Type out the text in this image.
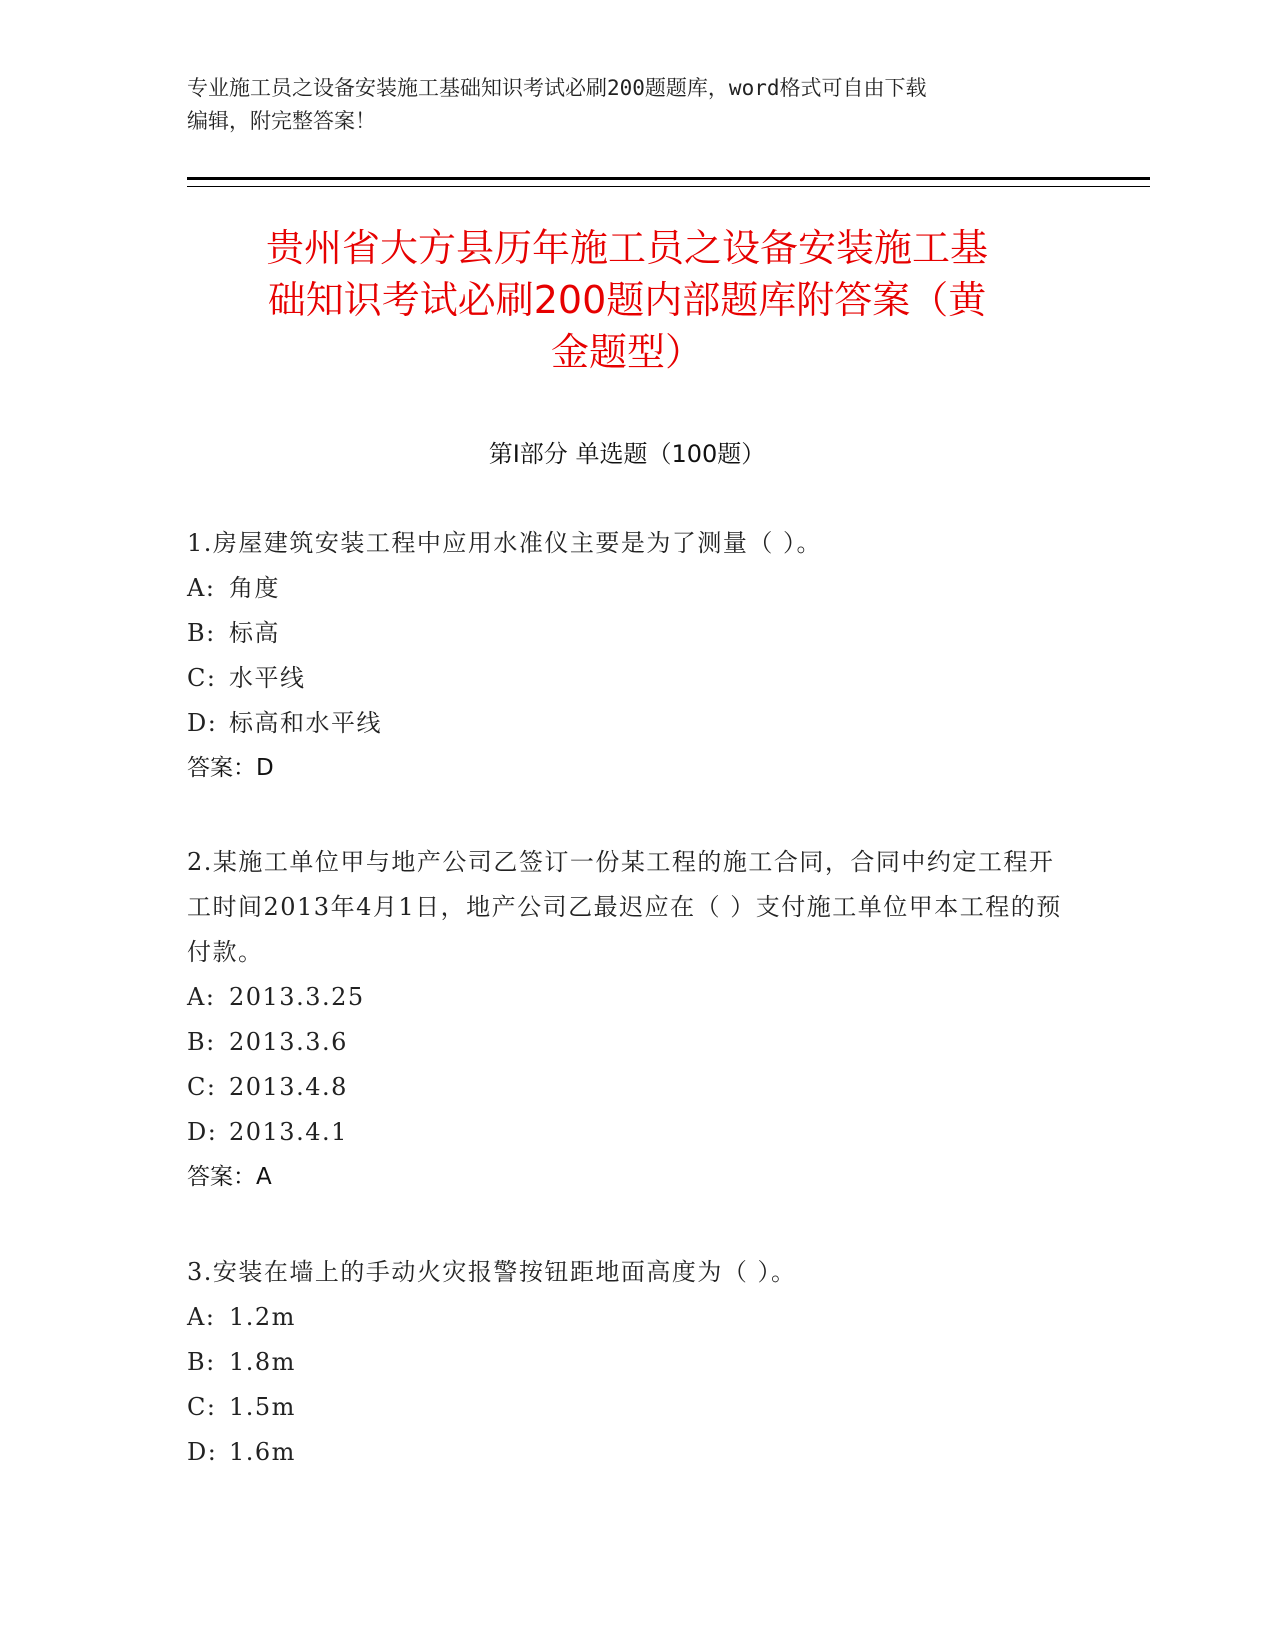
专业施工员之设备安装施工基础知识考试必刷200题题库，word格式可自由下载
编辑，附完整答案！
贵州省大方县历年施工员之设备安装施工基
础知识考试必刷200题内部题库附答案（黄
金题型）
第I部分 单选题（100题）
1.房屋建筑安装工程中应用水准仪主要是为了测量（ ）。
A: 角度
B: 标高
C: 水平线
D: 标高和水平线
答案：D
2.某施工单位甲与地产公司乙签订一份某工程的施工合同，合同中约定工程开工时间2013年4月1日，地产公司乙最迟应在（ ）支付施工单位甲本工程的预付款。
A: 2013.3.25
B: 2013.3.6
C: 2013.4.8
D: 2013.4.1
答案：A
3.安装在墙上的手动火灾报警按钮距地面高度为（ ）。
A: 1.2m
B: 1.8m
C: 1.5m
D: 1.6m
